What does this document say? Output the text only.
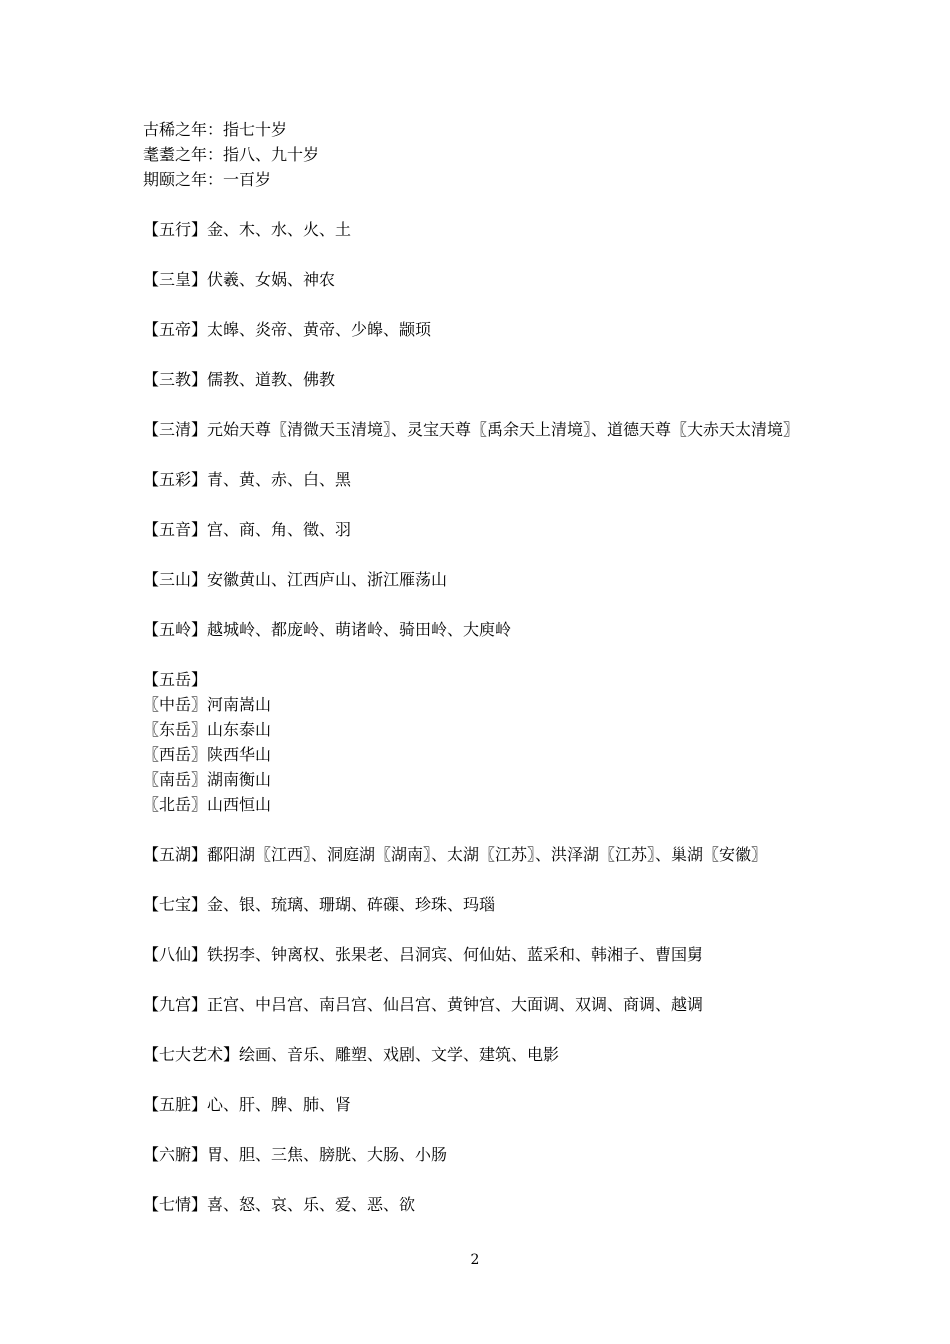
古稀之年：指七十岁
耄耋之年：指八、九十岁
期颐之年：一百岁
【五行】金、木、水、火、土
【三皇】伏羲、女娲、神农
【五帝】太皞、炎帝、黄帝、少皞、颛顼
【三教】儒教、道教、佛教
【三清】元始天尊〖清微天玉清境〗、灵宝天尊〖禹余天上清境〗、道德天尊〖大赤天太清境〗
【五彩】青、黄、赤、白、黑
【五音】宫、商、角、徵、羽
【三山】安徽黄山、江西庐山、浙江雁荡山
【五岭】越城岭、都庞岭、萌诸岭、骑田岭、大庾岭
【五岳】
〖中岳〗河南嵩山
〖东岳〗山东泰山
〖西岳〗陕西华山
〖南岳〗湖南衡山
〖北岳〗山西恒山
【五湖】鄱阳湖〖江西〗、洞庭湖〖湖南〗、太湖〖江苏〗、洪泽湖〖江苏〗、巢湖〖安徽〗
【七宝】金、银、琉璃、珊瑚、砗磲、珍珠、玛瑙
【八仙】铁拐李、钟离权、张果老、吕洞宾、何仙姑、蓝采和、韩湘子、曹国舅
【九宫】正宫、中吕宫、南吕宫、仙吕宫、黄钟宫、大面调、双调、商调、越调
【七大艺术】绘画、音乐、雕塑、戏剧、文学、建筑、电影
【五脏】心、肝、脾、肺、肾
【六腑】胃、胆、三焦、膀胱、大肠、小肠
【七情】喜、怒、哀、乐、爱、恶、欲
2
